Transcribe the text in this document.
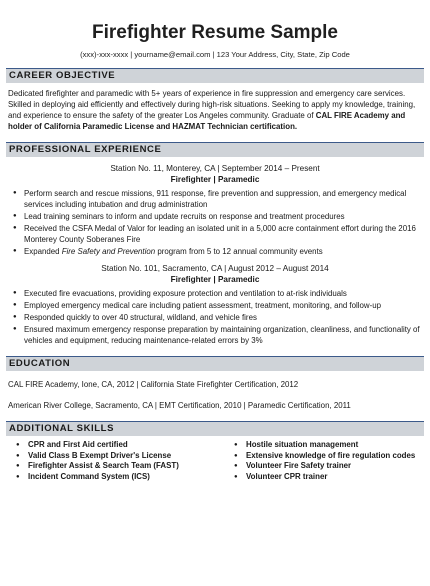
Firefighter Resume Sample
(xxx)-xxx-xxxx | yourname@email.com | 123 Your Address, City, State, Zip Code
CAREER OBJECTIVE

Dedicated firefighter and paramedic with 5+ years of experience in fire suppression and emergency care services. Skilled in deploying aid efficiently and effectively during high-risk situations. Seeking to apply my knowledge, training, and experience to ensure the safety of the greater Los Angeles community. Graduate of CAL FIRE Academy and holder of California Paramedic License and HAZMAT Technician certification.

PROFESSIONAL EXPERIENCE
Station No. 11, Monterey, CA | September 2014 – Present
Firefighter | Paramedic
● Perform search and rescue missions, 911 response, fire prevention and suppression, and emergency medical services including intubation and drug administration
● Lead training seminars to inform and update recruits on response and treatment procedures
● Received the CSFA Medal of Valor for leading an isolated unit in a 5,000 acre containment effort during the 2016 Monterey County Soberanes Fire
● Expanded Fire Safety and Prevention program from 5 to 12 annual community events
Station No. 101, Sacramento, CA | August 2012 – August 2014
Firefighter | Paramedic
● Executed fire evacuations, providing exposure protection and ventilation to at-risk individuals
● Employed emergency medical care including patient assessment, treatment, monitoring, and follow-up
● Responded quickly to over 40 structural, wildland, and vehicle fires
● Ensured maximum emergency response preparation by maintaining organization, cleanliness, and functionality of vehicles and equipment, reducing maintenance-related errors by 3%
EDUCATION
CAL FIRE Academy, Ione, CA, 2012 | California State Firefighter Certification, 2012
American River College, Sacramento, CA | EMT Certification, 2010 | Paramedic Certification, 2011
ADDITIONAL SKILLS
● CPR and First Aid certified
● Valid Class B Exempt Driver's License
● Firefighter Assist & Search Team (FAST)
● Incident Command System (ICS)
● Hostile situation management
● Extensive knowledge of fire regulation codes
● Volunteer Fire Safety trainer
● Volunteer CPR trainer
